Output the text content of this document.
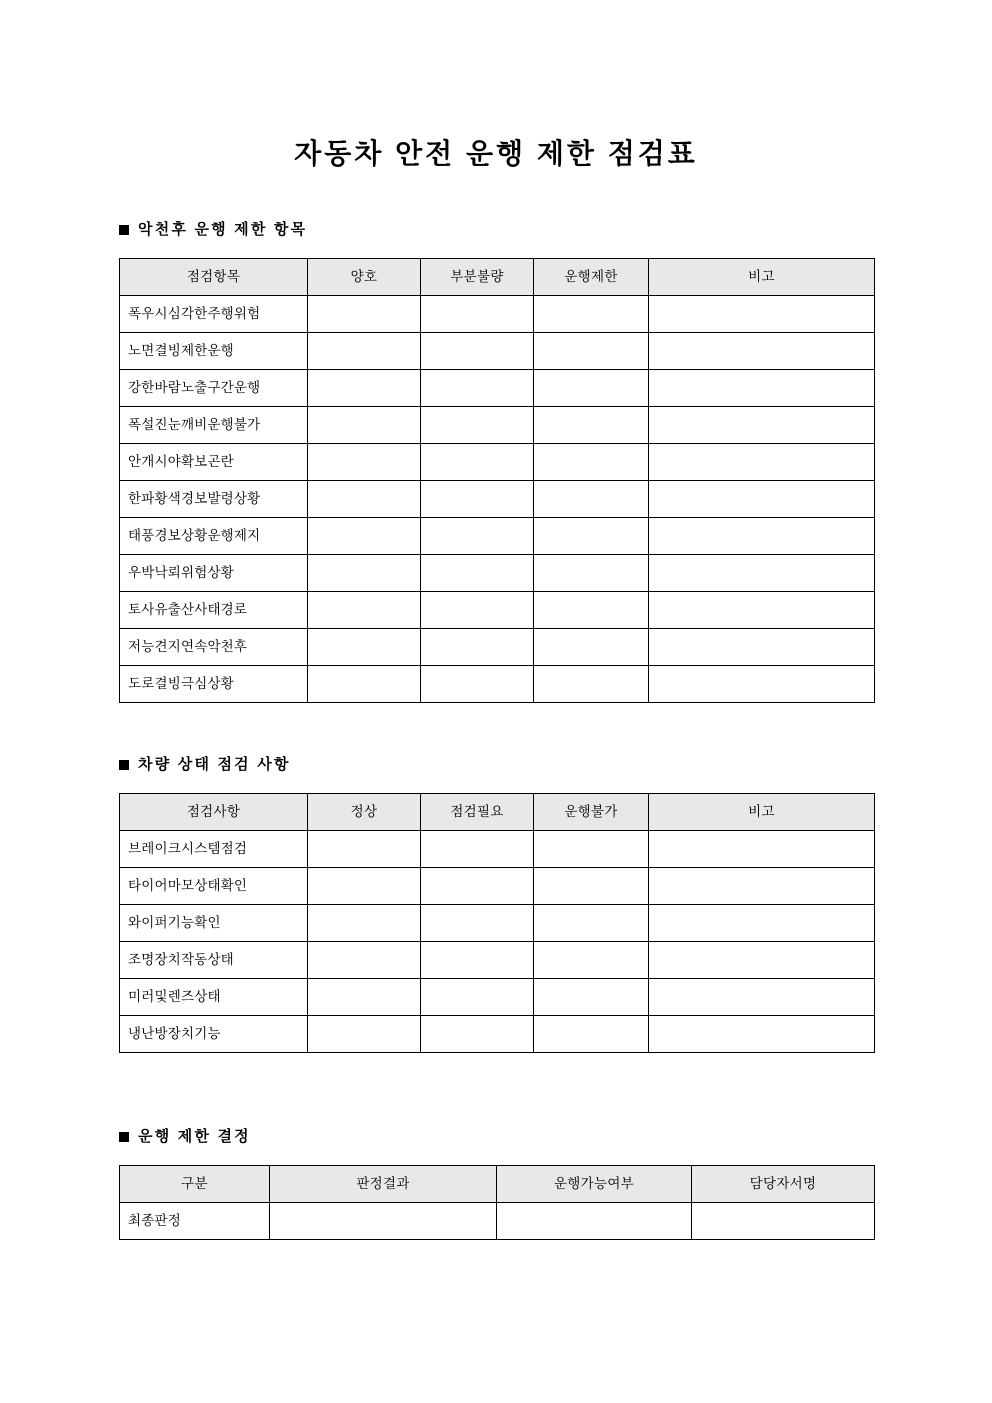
자동차 안전 운행 제한 점검표
악천후 운행 제한 항목
점검항목	양호	부분불량	운행제한	비고
폭우시심각한주행위험				
노면결빙제한운행				
강한바람노출구간운행				
폭설진눈깨비운행불가				
안개시야확보곤란				
한파황색경보발령상황				
태풍경보상황운행제지				
우박낙뢰위험상황				
토사유출산사태경로				
저능견지연속악천후				
도로결빙극심상황				
차량 상태 점검 사항
점검사항	정상	점검필요	운행불가	비고
브레이크시스템점검				
타이어마모상태확인				
와이퍼기능확인				
조명장치작동상태				
미러및렌즈상태				
냉난방장치기능				
운행 제한 결정
구분	판정결과	운행가능여부	담당자서명
최종판정			
